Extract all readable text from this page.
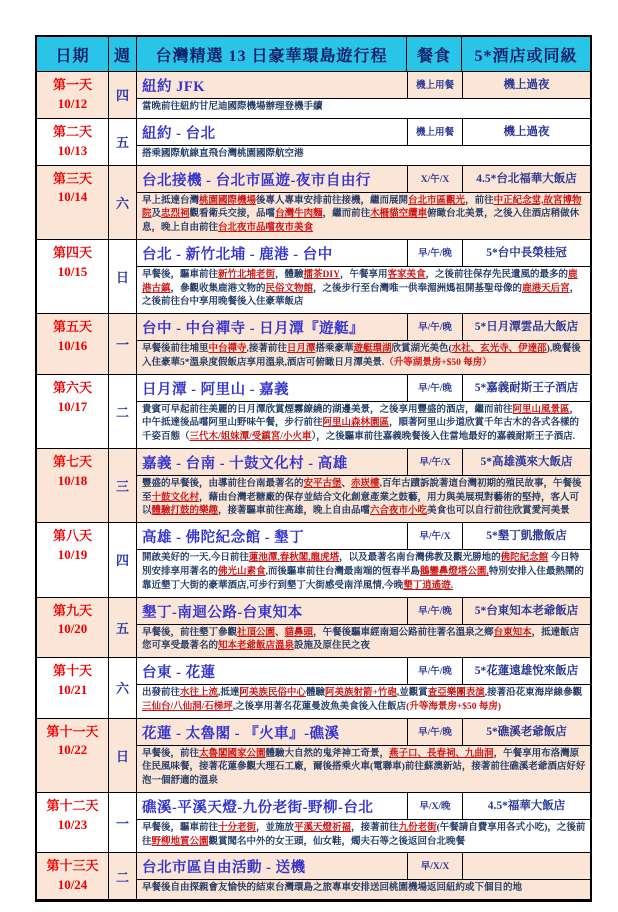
日期	週	台灣精選 13 日豪華環島遊行程	餐食	5*酒店或同級
第一天
10/12	四
紐約 JFK	機上用餐	機上過夜
當晚前往紐約甘尼迪國際機場辦理登機手續
第二天
10/13	五
紐約 - 台北	機上用餐	機上過夜
搭乘國際航線直飛台灣桃園國際航空港
第三天
10/14	六
台北接機 - 台北市區遊-夜市自由行	X/午/X	4.5*台北福華大飯店
早上抵達台灣桃園國際機場後專人專車安排前往接機，繼而展開台北市區觀光，前往中正紀念堂,故宮博物院及忠烈祠觀看衛兵交接，品嚐台灣牛肉麵，繼而前往木柵貓空纜車俯瞰台北美景，之後入住酒店稍做休息，晚上自由前往台北夜市品嚐夜市美食
第四天
10/15	日
台北 - 新竹北埔 - 鹿港 - 台中	早/午/晚	5*台中長榮桂冠
早餐後，驅車前往新竹北埔老街，體驗擂茶DIY，午餐享用客家美食，之後前往保存先民遺風的最多的鹿港古鎮，參觀收集鹿港文物的民俗文物館，之後步行至台灣唯一供奉湄洲媽祖開基聖母像的鹿港天后宮，之後前往台中享用晚餐後入住豪華飯店
第五天
10/16	一
台中 - 中台禪寺 - 日月潭『遊艇』	早/午/晚	5*日月潭雲品大飯店
早餐後前往埔里中台禪寺,接著前往日月潭搭乘豪華遊艇環湖欣賞湖光美色(水社、玄光寺、伊達邵),晚餐後入住豪華5*溫泉度假飯店享用溫泉,酒店可俯瞰日月潭美景.（升等湖景房+$50 每房）
第六天
10/17	二
日月潭 - 阿里山 - 嘉義	早/午/晚	5*嘉義耐斯王子酒店
貴賓可早起前往美麗的日月潭欣賞煙霧繚繞的湖邊美景，之後享用豐盛的酒店，繼而前往阿里山風景區，中午抵達後品嚐阿里山野味午餐，步行前往阿里山森林園區，順著阿里山步道欣賞千年古木的各式各樣的千姿百態（三代木/姐妹潭/受鎮宮/小火車），之後驅車前往嘉義晚餐後入住當地最好的嘉義耐斯王子酒店.
第七天
10/18	三
嘉義 - 台南 - 十鼓文化村 - 高雄	早/午/X	5*高雄漢來大飯店
豐盛的早餐後，由導前往台南最著名的安平古堡、赤崁樓,百年古蹟訴說著這台灣初期的殖民故事，午餐後至十鼓文化村，藉由台灣老糖廠的保存並結合文化創意產業之鼓藝，用力與美展現對藝術的堅持，客人可以體驗打鼓的樂趣，接著驅車前往高雄，晚上自由品嚐六合夜市小吃美食也可以自行前往欣賞愛河美景
第八天
10/19	四
高雄 - 佛陀紀念館 - 墾丁	早/午/X	5*墾丁凱撒飯店
開啟美好的一天,今日前往蓮池潭,春秋閣,龍虎塔，以及最著名南台灣佛教及觀光勝地的佛陀紀念館 今日特別安排享用著名的佛光山素食,而後驅車前往台灣最南端的恆春半島鵝鑾鼻燈塔公園,特別安排入住最熱鬧的靠近墾丁大街的豪華酒店,可步行到墾丁大街感受南洋風情,今晚墾丁逍遙遊.
第九天
10/20	五
墾丁-南迴公路-台東知本	早/午/晚	5*台東知本老爺飯店
早餐後，前往墾丁參觀社頂公園、貓鼻頭，午餐後驅車經南迴公路前往著名溫泉之鄉台東知本，抵達飯店您可享受最著名的知本老爺飯店溫泉設施及原住民之夜
第十天
10/21	六
台東 - 花蓮	早/午/晚	5*花蓮遠雄悅來飯店
出發前往水往上流,抵達阿美族民俗中心體驗阿美族射箭+竹砲,並觀賞查亞樂團表演,接著沿花東海岸線參觀三仙台/八仙洞/石梯坪,之後享用著名花蓮曼波魚美食後入住飯店(升等海景房+$50 每房)
第十一天
10/22	日
花蓮 - 太魯閣 - 『火車』-礁溪	早/午/晚	5*礁溪老爺飯店
早餐後，前往太魯閣國家公園體驗大自然的鬼斧神工奇景，燕子口、長春祠、九曲洞，午餐享用布洛灣原住民風味餐，接著花蓮參觀大理石工廠，爾後搭乘火車(電聯車)前往蘇澳新站，接著前往礁溪老爺酒店好好泡一個舒適的溫泉
第十二天
10/23	一
礁溪-平溪天燈-九份老街-野柳-台北	早/X/晚	4.5*福華大飯店
早餐後，驅車前往十分老街，並施放平溪天燈祈福，接著前往九份老街(午餐請自費享用各式小吃)，之後前往野柳地質公園觀賞聞名中外的女王頭，仙女鞋，燭夫石等之後返回台北晚餐
第十三天
10/24	二
台北市區自由活動 - 送機	早/X/X
早餐後自由探親會友愉快的結束台灣環島之旅專車安排送回桃園機場返回紐約或下個目的地
